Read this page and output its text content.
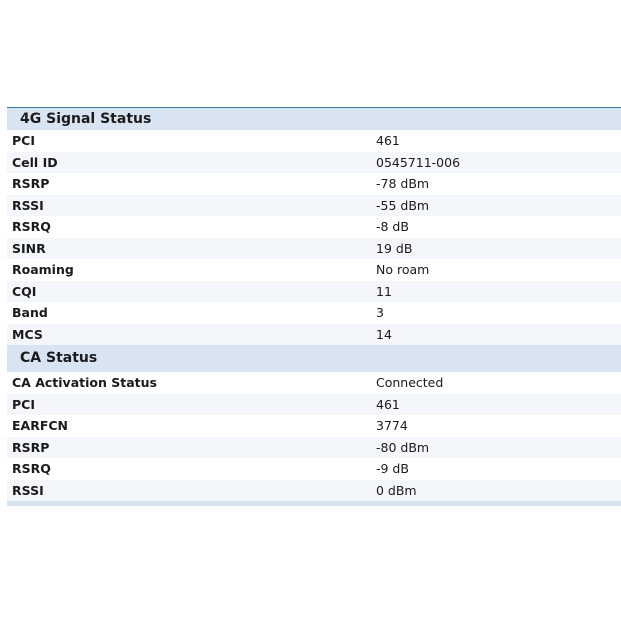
4G Signal Status
PCI	461
Cell ID	0545711-006
RSRP	-78 dBm
RSSI	-55 dBm
RSRQ	-8 dB
SINR	19 dB
Roaming	No roam
CQI	11
Band	3
MCS	14
CA Status
CA Activation Status	Connected
PCI	461
EARFCN	3774
RSRP	-80 dBm
RSRQ	-9 dB
RSSI	0 dBm
